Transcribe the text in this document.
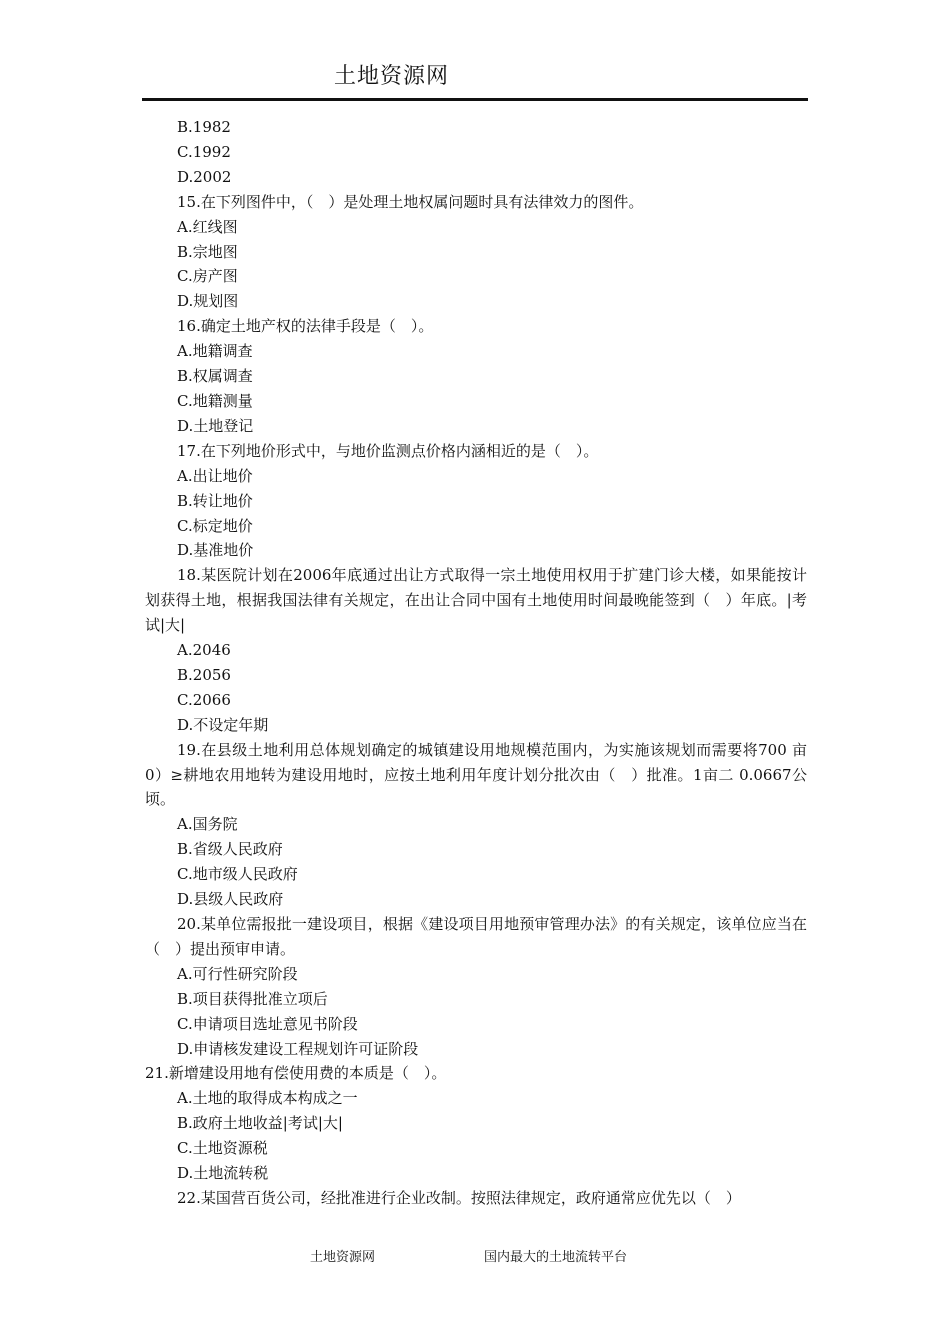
土地资源网

B.1982

C.1992

D.2002

15.在下列图件中，（　）是处理土地权属问题时具有法律效力的图件。

A.红线图

B.宗地图

C.房产图

D.规划图

16.确定土地产权的法律手段是（　）。

A.地籍调查

B.权属调查

C.地籍测量

D.土地登记

17.在下列地价形式中，与地价监测点价格内涵相近的是（　）。

A.出让地价

B.转让地价

C.标定地价

D.基准地价

18.某医院计划在2006年底通过出让方式取得一宗土地使用权用于扩建门诊大楼，如果能按计划获得土地，根据我国法律有关规定，在出让合同中国有土地使用时间最晚能签到（　）年底。|考试|大|

A.2046

B.2056

C.2066

D.不设定年期

19.在县级土地利用总体规划确定的城镇建设用地规模范围内，为实施该规划而需要将700 亩 0）≥耕地农用地转为建设用地时，应按土地利用年度计划分批次由（　）批准。1亩二 0.0667公顷。

A.国务院

B.省级人民政府

C.地市级人民政府

D.县级人民政府

20.某单位需报批一建设项目，根据《建设项目用地预审管理办法》的有关规定，该单位应当在（　）提出预审申请。

A.可行性研究阶段

B.项目获得批准立项后

C.申请项目选址意见书阶段

D.申请核发建设工程规划许可证阶段

21.新增建设用地有偿使用费的本质是（　）。

A.土地的取得成本构成之一

B.政府土地收益|考试|大|

C.土地资源税

D.土地流转税

22.某国营百货公司，经批准进行企业改制。按照法律规定，政府通常应优先以（　）

土地资源网	国内最大的土地流转平台
